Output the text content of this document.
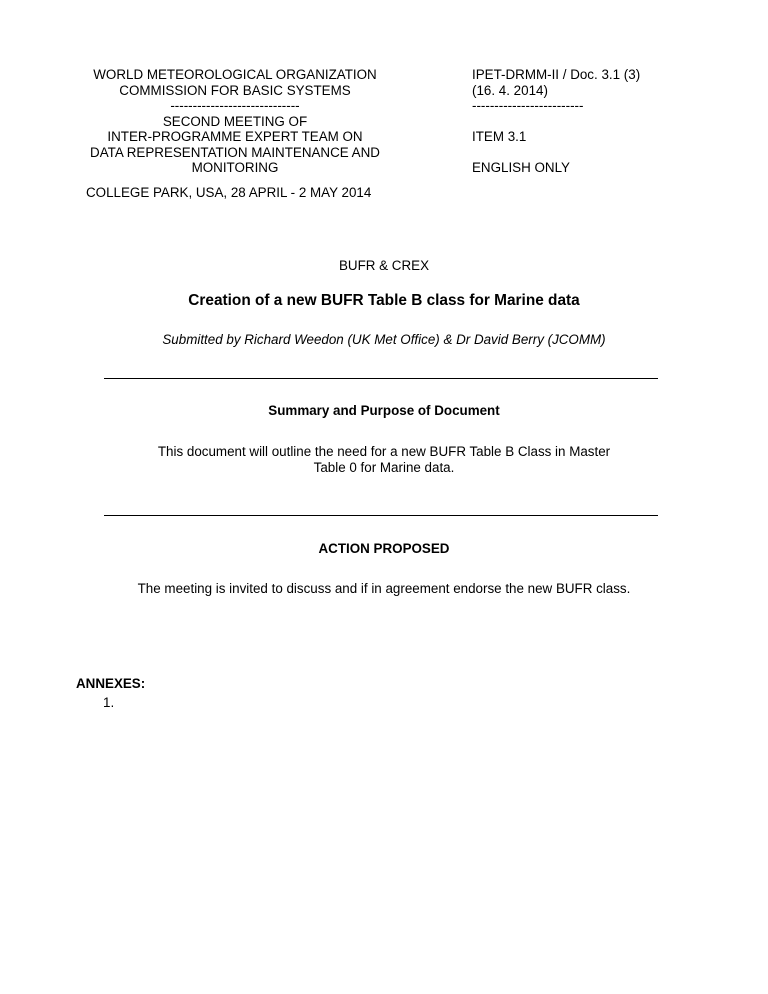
WORLD METEOROLOGICAL ORGANIZATION
COMMISSION FOR BASIC SYSTEMS
-----------------------------
SECOND MEETING OF
INTER-PROGRAMME EXPERT TEAM ON
DATA REPRESENTATION MAINTENANCE AND
MONITORING
IPET-DRMM-II / Doc. 3.1 (3)
(16. 4. 2014)
-------------------------
ITEM 3.1
ENGLISH ONLY
COLLEGE PARK, USA, 28 APRIL - 2 MAY 2014
BUFR & CREX
Creation of a new BUFR Table B class for Marine data
Submitted by Richard Weedon (UK Met Office) & Dr David Berry (JCOMM)
Summary and Purpose of Document
This document will outline the need for a new BUFR Table B Class in Master
Table 0 for Marine data.
ACTION PROPOSED
The meeting is invited to discuss and if in agreement endorse the new BUFR class.
ANNEXES:
1.
